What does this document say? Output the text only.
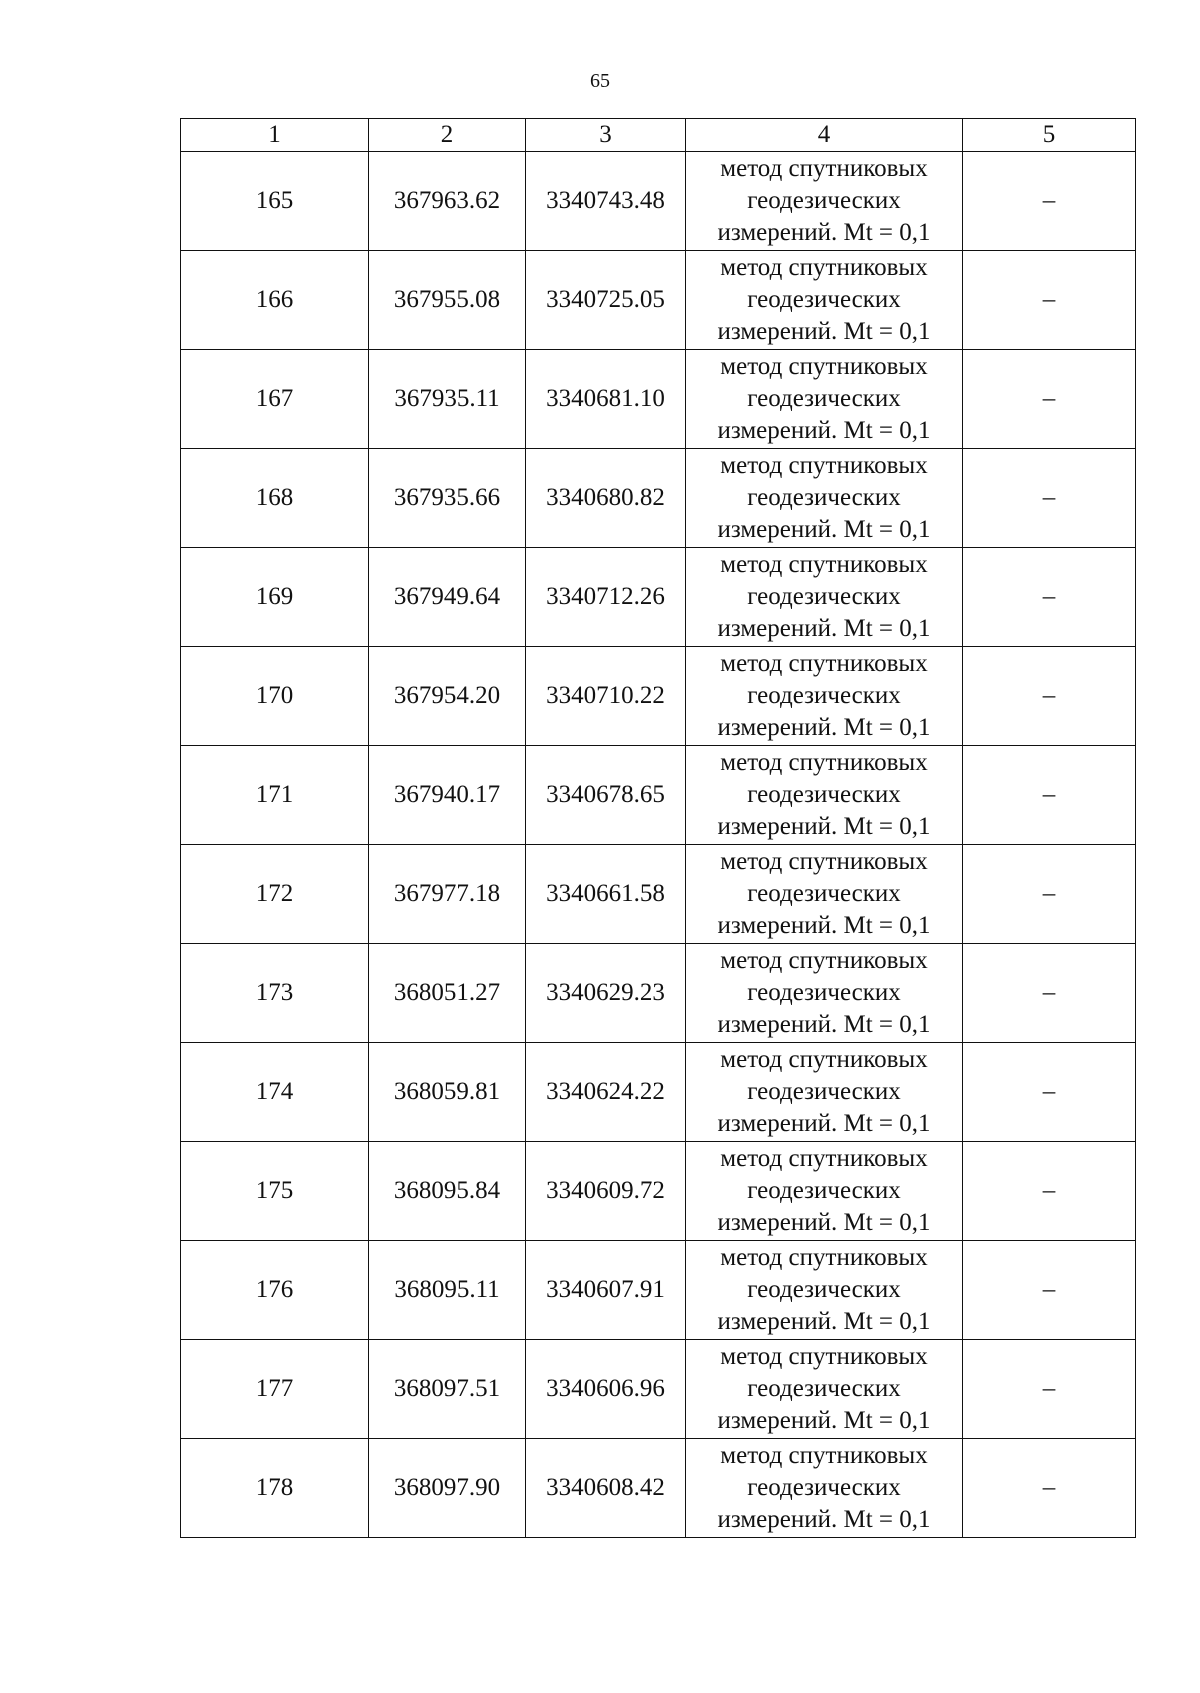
65
1	2	3	4	5
165	367963.62	3340743.48	метод спутниковых
геодезических
измерений. Mt = 0,1	–
166	367955.08	3340725.05	метод спутниковых
геодезических
измерений. Mt = 0,1	–
167	367935.11	3340681.10	метод спутниковых
геодезических
измерений. Mt = 0,1	–
168	367935.66	3340680.82	метод спутниковых
геодезических
измерений. Mt = 0,1	–
169	367949.64	3340712.26	метод спутниковых
геодезических
измерений. Mt = 0,1	–
170	367954.20	3340710.22	метод спутниковых
геодезических
измерений. Mt = 0,1	–
171	367940.17	3340678.65	метод спутниковых
геодезических
измерений. Mt = 0,1	–
172	367977.18	3340661.58	метод спутниковых
геодезических
измерений. Mt = 0,1	–
173	368051.27	3340629.23	метод спутниковых
геодезических
измерений. Mt = 0,1	–
174	368059.81	3340624.22	метод спутниковых
геодезических
измерений. Mt = 0,1	–
175	368095.84	3340609.72	метод спутниковых
геодезических
измерений. Mt = 0,1	–
176	368095.11	3340607.91	метод спутниковых
геодезических
измерений. Mt = 0,1	–
177	368097.51	3340606.96	метод спутниковых
геодезических
измерений. Mt = 0,1	–
178	368097.90	3340608.42	метод спутниковых
геодезических
измерений. Mt = 0,1	–
